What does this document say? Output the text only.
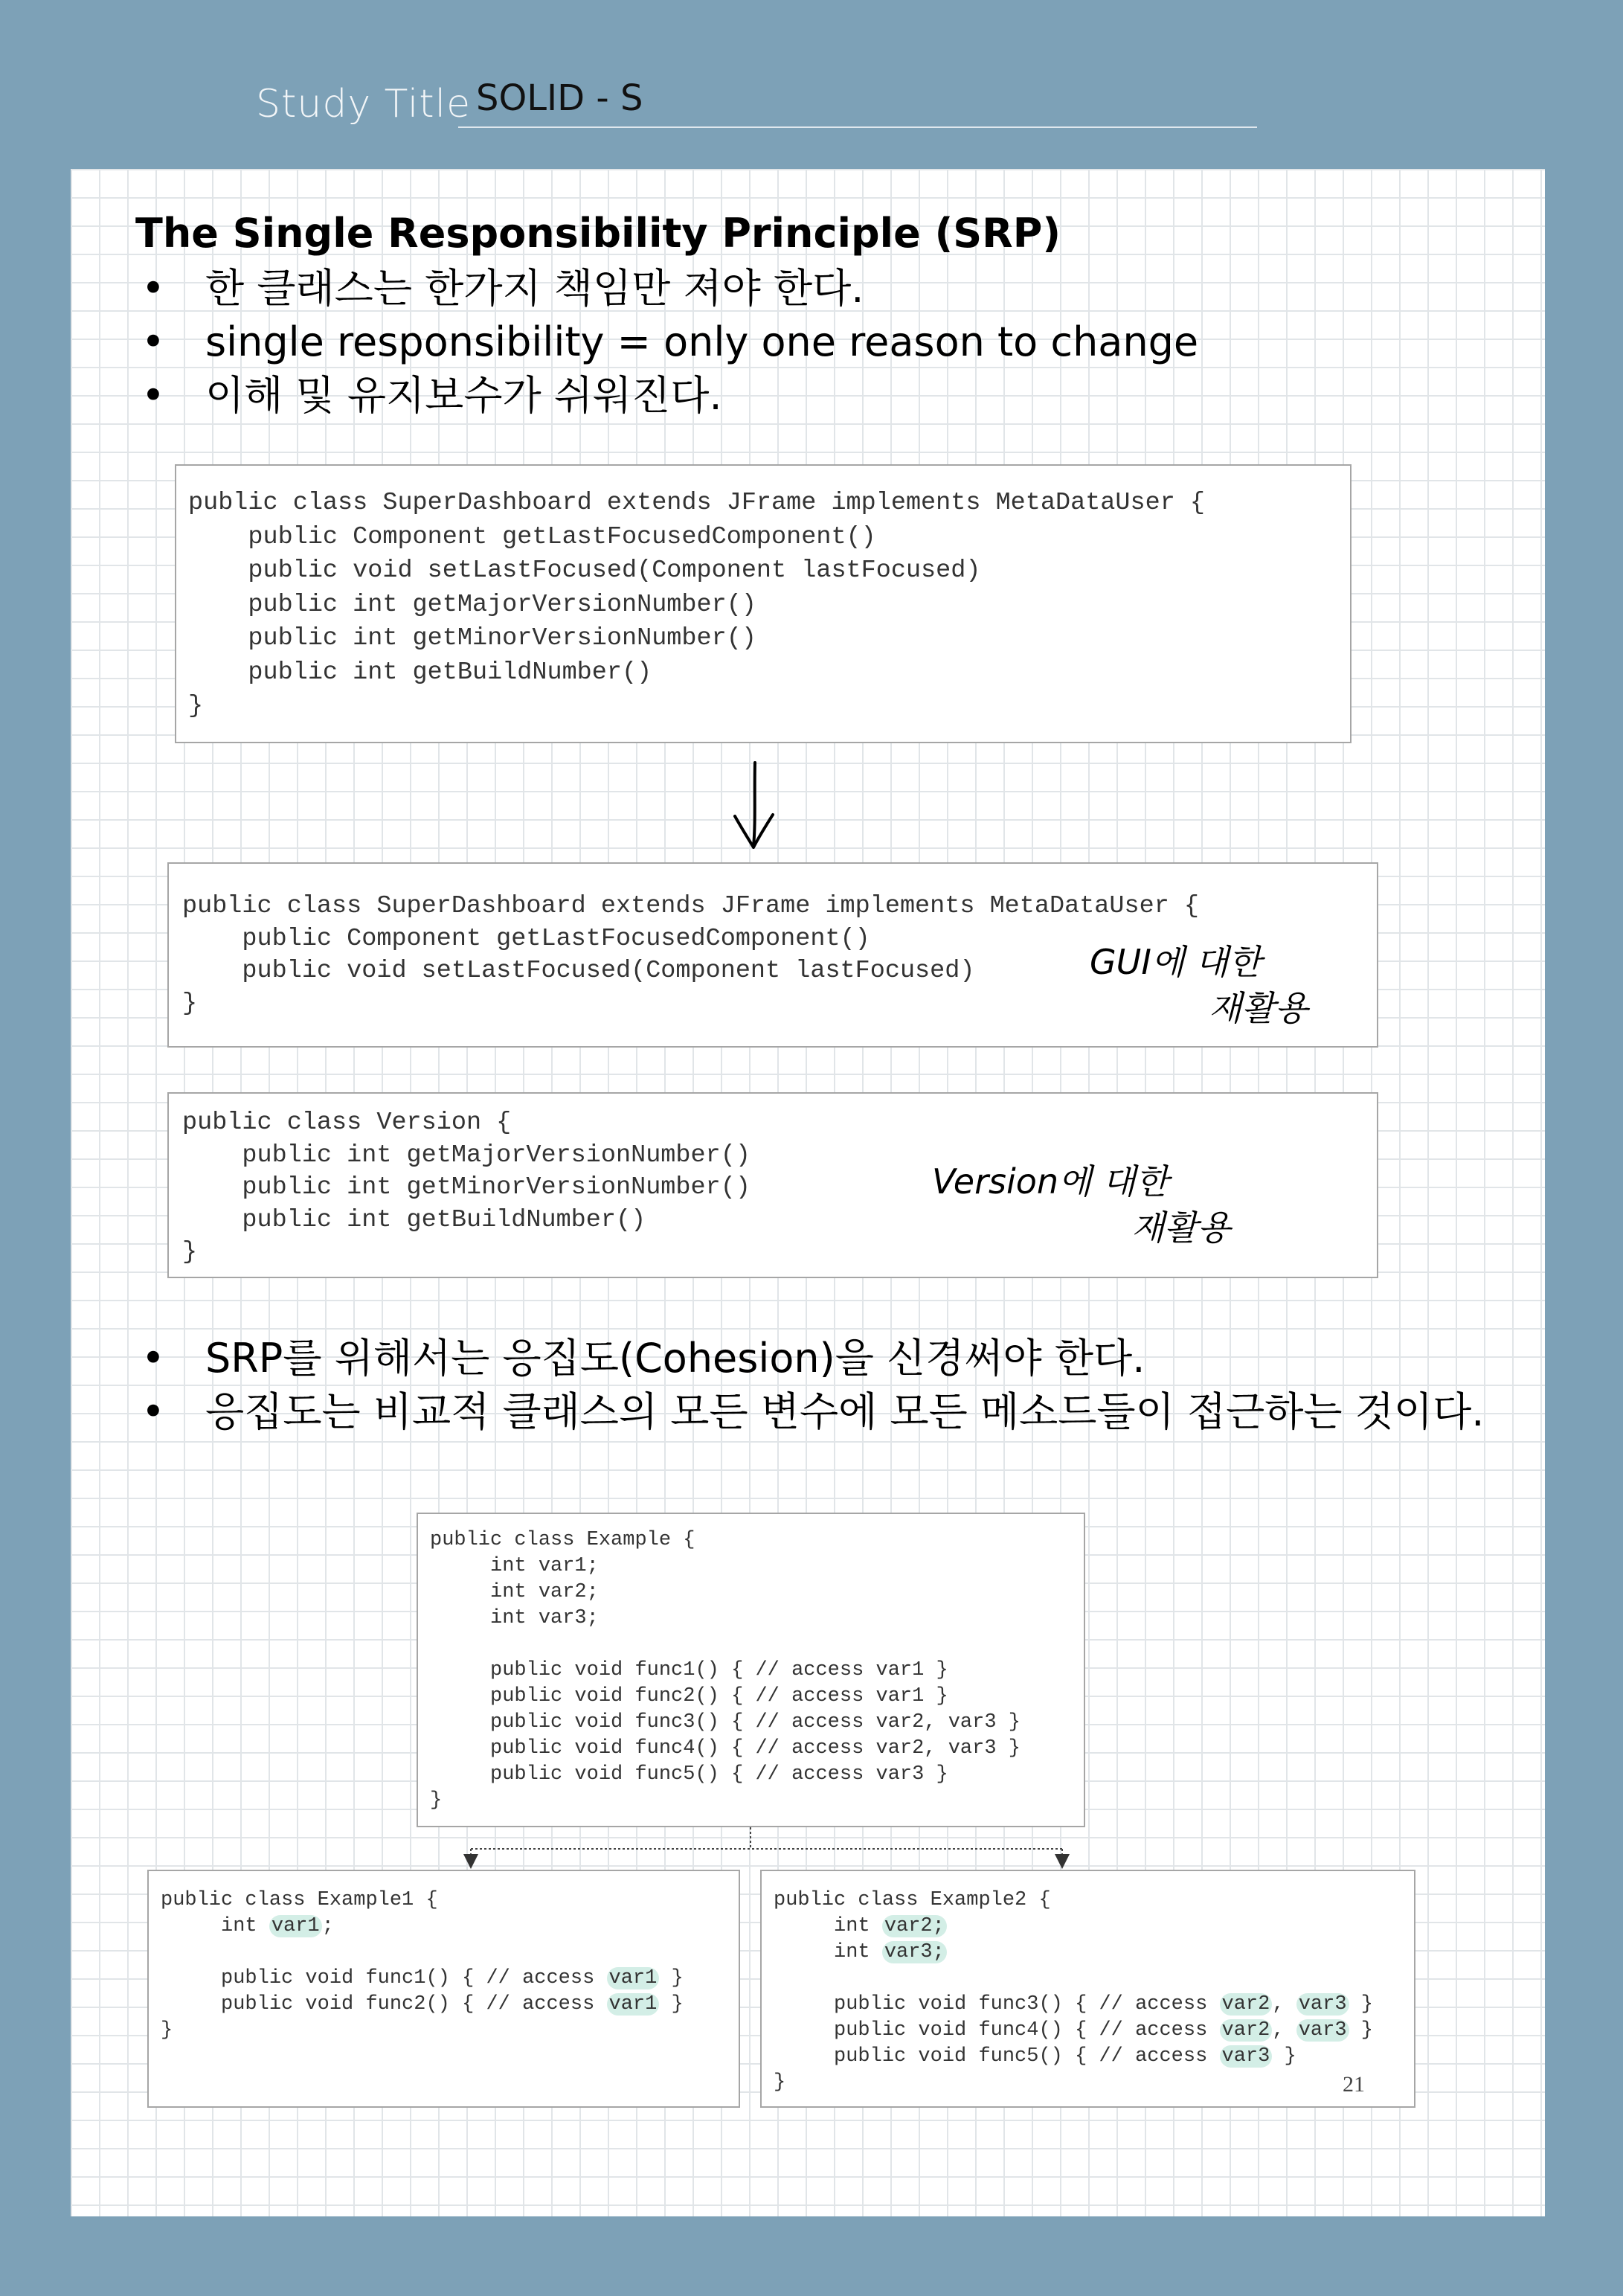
Study Title SOLID - S
The Single Responsibility Principle (SRP)
• 한 클래스는 한가지 책임만 져야 한다.
• single responsibility = only one reason to change
• 이해 및 유지보수가 쉬워진다.
public class SuperDashboard extends JFrame implements MetaDataUser {
public Component getLastFocusedComponent()
public void setLastFocused(Component lastFocused)
public int getMajorVersionNumber()
public int getMinorVersionNumber()
public int getBuildNumber()
}
public class SuperDashboard extends JFrame implements MetaDataUser {
public Component getLastFocusedComponent()
public void setLastFocused(Component lastFocused)
}
GUI에 대한
재활용
public class Version {
public int getMajorVersionNumber()
public int getMinorVersionNumber()
public int getBuildNumber()
}
Version에 대한
재활용
• SRP를 위해서는 응집도(Cohesion)을 신경써야 한다.
• 응집도는 비교적 클래스의 모든 변수에 모든 메소드들이 접근하는 것이다.
public class Example {
int var1;
int var2;
int var3;

public void func1() { // access var1 }
public void func2() { // access var1 }
public void func3() { // access var2, var3 }
public void func4() { // access var2, var3 }
public void func5() { // access var3 }
}
public class Example1 {
int var1 ;

public void func1() { // access var1 }
public void func2() { // access var1 }
}
public class Example2 {
int var2;
int var3;

public void func3() { // access var2 , var3 }
public void func4() { // access var2 , var3 }
public void func5() { // access var3 }
}	21
